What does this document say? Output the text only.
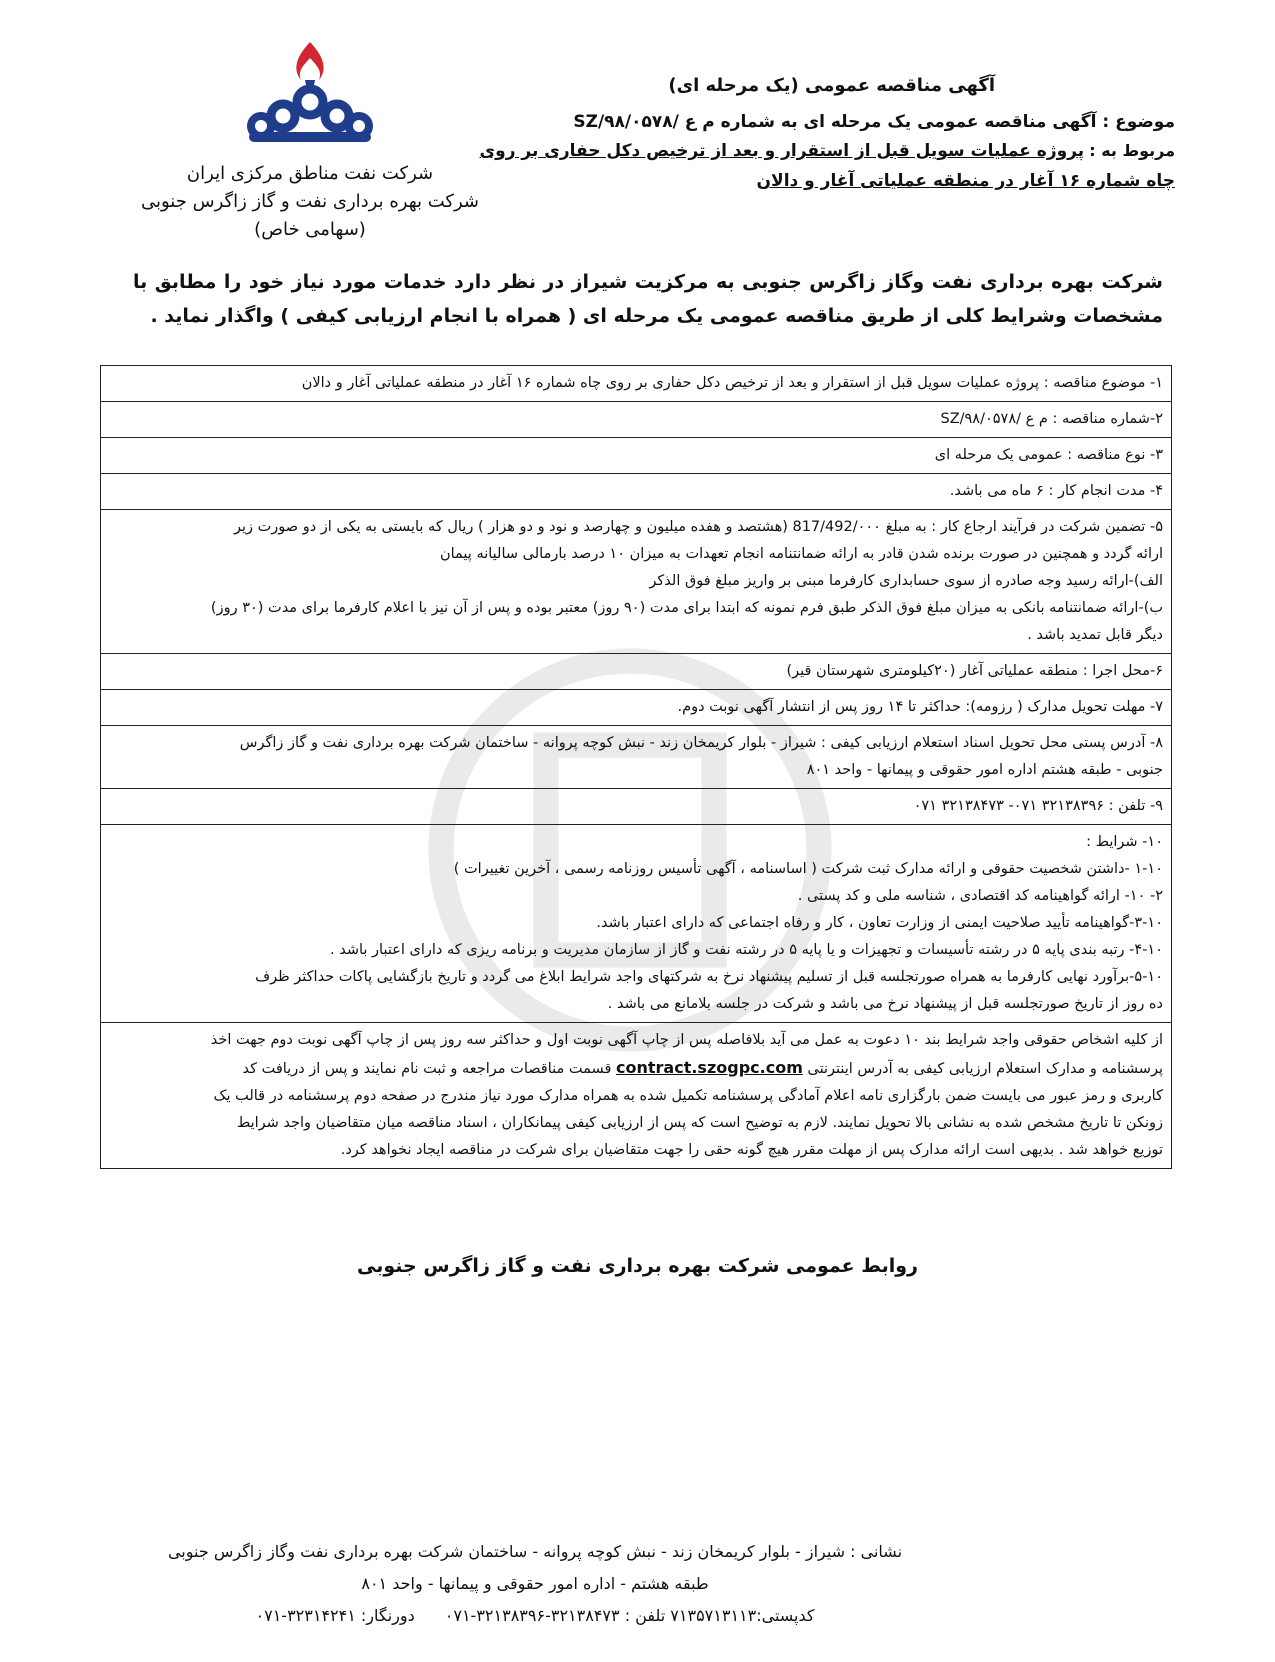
شرکت نفت مناطق مرکزی ایران
شرکت بهره برداری نفت و گاز زاگرس جنوبی
(سهامی خاص)
آگهی مناقصه عمومی (یک مرحله ای)
موضوع : آگهی مناقصه عمومی یک مرحله ای به شماره م ع /SZ/۹۸/۰۵۷۸
مربوط به : پروژه عملیات سویل قبل از استقرار و بعد از ترخیص دکل حفاری بر روی چاه شماره ۱۶ آغار در منطقه عملیاتی آغار و دالان
شرکت بهره برداری نفت وگاز زاگرس جنوبی به مرکزیت شیراز در نظر دارد خدمات مورد نیاز خود را مطابق با مشخصات وشرایط کلی از طریق مناقصه عمومی یک مرحله ای ( همراه با انجام ارزیابی کیفی ) واگذار نماید .
۱- موضوع مناقصه : پروژه عملیات سویل قبل از استقرار و بعد از ترخیص دکل حفاری بر روی چاه شماره ۱۶ آغار در منطقه عملیاتی آغار و دالان
۲-شماره مناقصه : م ع /SZ/۹۸/۰۵۷۸
۳- نوع مناقصه : عمومی یک مرحله ای
۴- مدت انجام کار : ۶ ماه می باشد.
۵- تضمین شرکت در فرآیند ارجاع کار : به مبلغ 817/492/۰۰۰ (هشتصد و هفده میلیون و چهارصد و نود و دو هزار ) ریال که بایستی به یکی از دو صورت زیر
ارائه گردد و همچنین در صورت برنده شدن قادر به ارائه ضمانتنامه انجام تعهدات به میزان ۱۰ درصد بارمالی سالیانه پیمان
الف)-ارائه رسید وجه صادره از سوی حسابداری کارفرما مبنی بر واریز مبلغ فوق الذکر
ب)-ارائه ضمانتنامه بانکی به میزان مبلغ فوق الذکر طبق فرم نمونه که ابتدا برای مدت (۹۰ روز) معتبر بوده و پس از آن نیز با اعلام کارفرما برای مدت (۳۰ روز)
دیگر قابل تمدید باشد .
۶-محل اجرا : منطقه عملیاتی آغار (۲۰کیلومتری شهرستان قیر)
۷- مهلت تحویل مدارک ( رزومه): حداکثر تا ۱۴ روز پس از انتشار آگهی نوبت دوم.
۸- آدرس پستی محل تحویل اسناد استعلام ارزیابی کیفی : شیراز - بلوار کریمخان زند - نبش کوچه پروانه - ساختمان شرکت بهره برداری نفت و گاز زاگرس
جنوبی - طبقه هشتم اداره امور حقوقی و پیمانها - واحد ۸۰۱
۹- تلفن : ۳۲۱۳۸۳۹۶ ۰۷۱- ۳۲۱۳۸۴۷۳ ۰۷۱
۱۰- شرایط :
۱-۱۰ -داشتن شخصیت حقوقی و ارائه مدارک ثبت شرکت ( اساسنامه ، آگهی تأسیس روزنامه رسمی ، آخرین تغییرات )
۲- ۱۰- ارائه گواهینامه کد اقتصادی ، شناسه ملی و کد پستی .
۳-۱۰-گواهینامه تأیید صلاحیت ایمنی از وزارت تعاون ، کار و رفاه اجتماعی که دارای اعتبار باشد.
۴-۱۰- رتبه بندی پایه ۵ در رشته تأسیسات و تجهیزات و یا پایه ۵ در رشته نفت و گاز از سازمان مدیریت و برنامه ریزی که دارای اعتبار باشد .
۵-۱۰-برآورد نهایی کارفرما به همراه صورتجلسه قبل از تسلیم پیشنهاد نرخ به شرکتهای واجد شرایط ابلاغ می گردد و تاریخ بازگشایی پاکات حداکثر ظرف
ده روز از تاریخ صورتجلسه قبل از پیشنهاد نرخ می باشد و شرکت در جلسه بلامانع می باشد .
از کلیه اشخاص حقوقی واجد شرایط بند ۱۰ دعوت به عمل می آید بلافاصله پس از چاپ آگهی نوبت اول و حداکثر سه روز پس از چاپ آگهی نوبت دوم جهت اخذ
پرسشنامه و مدارک استعلام ارزیابی کیفی به آدرس اینترنتی contract.szogpc.com قسمت مناقصات مراجعه و ثبت نام نمایند و پس از دریافت کد
کاربری و رمز عبور می بایست ضمن بارگزاری نامه اعلام آمادگی پرسشنامه تکمیل شده به همراه مدارک مورد نیاز مندرج در صفحه دوم پرسشنامه در قالب یک
زونکن تا تاریخ مشخص شده به نشانی بالا تحویل نمایند. لازم به توضیح است که پس از ارزیابی کیفی پیمانکاران ، اسناد مناقصه میان متقاضیان واجد شرایط
توزیع خواهد شد . بدیهی است ارائه مدارک پس از مهلت مقرر هیچ گونه حقی را جهت متقاضیان برای شرکت در مناقصه ایجاد نخواهد کرد.
روابط عمومی شرکت بهره برداری نفت و گاز زاگرس جنوبی
نشانی : شیراز - بلوار کریمخان زند - نبش کوچه پروانه - ساختمان شرکت بهره برداری نفت وگاز زاگرس جنوبی
طبقه هشتم - اداره امور حقوقی و پیمانها - واحد ۸۰۱
کدپستی:۷۱۳۵۷۱۳۱۱۳ تلفن : ۳۲۱۳۸۴۷۳-۳۲۱۳۸۳۹۶-۰۷۱
دورنگار: ۳۲۳۱۴۲۴۱-۰۷۱
